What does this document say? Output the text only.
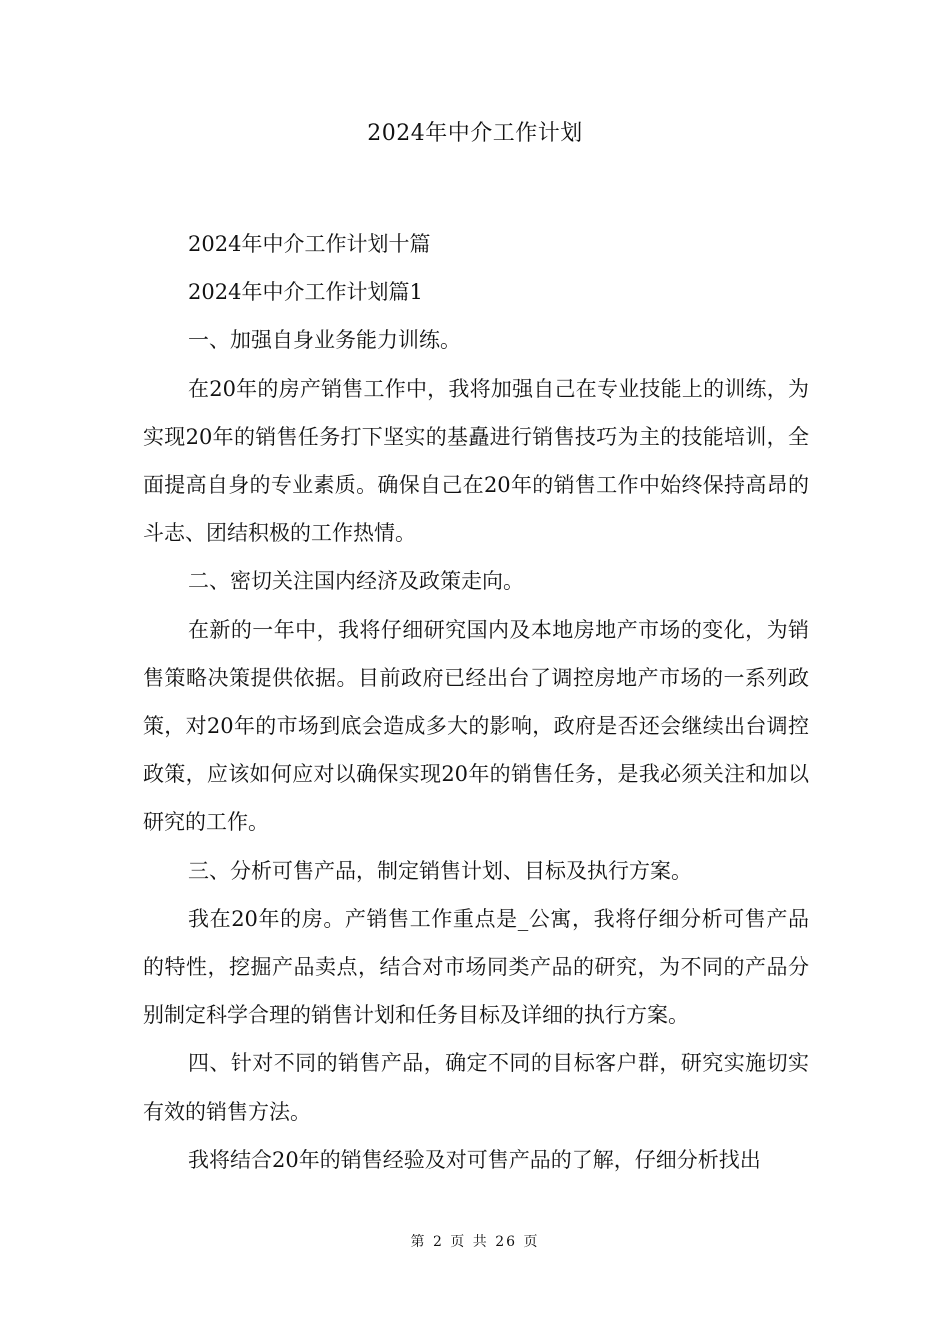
2024年中介工作计划

2024年中介工作计划十篇

2024年中介工作计划篇1

一、加强自身业务能力训练。

在20年的房产销售工作中，我将加强自己在专业技能上的训练，为实现20年的销售任务打下坚实的基矗进行销售技巧为主的技能培训，全面提高自身的专业素质。确保自己在20年的销售工作中始终保持高昂的斗志、团结积极的工作热情。

二、密切关注国内经济及政策走向。

在新的一年中，我将仔细研究国内及本地房地产市场的变化，为销售策略决策提供依据。目前政府已经出台了调控房地产市场的一系列政策，对20年的市场到底会造成多大的影响，政府是否还会继续出台调控政策，应该如何应对以确保实现20年的销售任务，是我必须关注和加以研究的工作。

三、分析可售产品，制定销售计划、目标及执行方案。

我在20年的房。产销售工作重点是_公寓，我将仔细分析可售产品的特性，挖掘产品卖点，结合对市场同类产品的研究，为不同的产品分别制定科学合理的销售计划和任务目标及详细的执行方案。

四、针对不同的销售产品，确定不同的目标客户群，研究实施切实有效的销售方法。

我将结合20年的销售经验及对可售产品的了解，仔细分析找出

第 2 页 共 26 页
